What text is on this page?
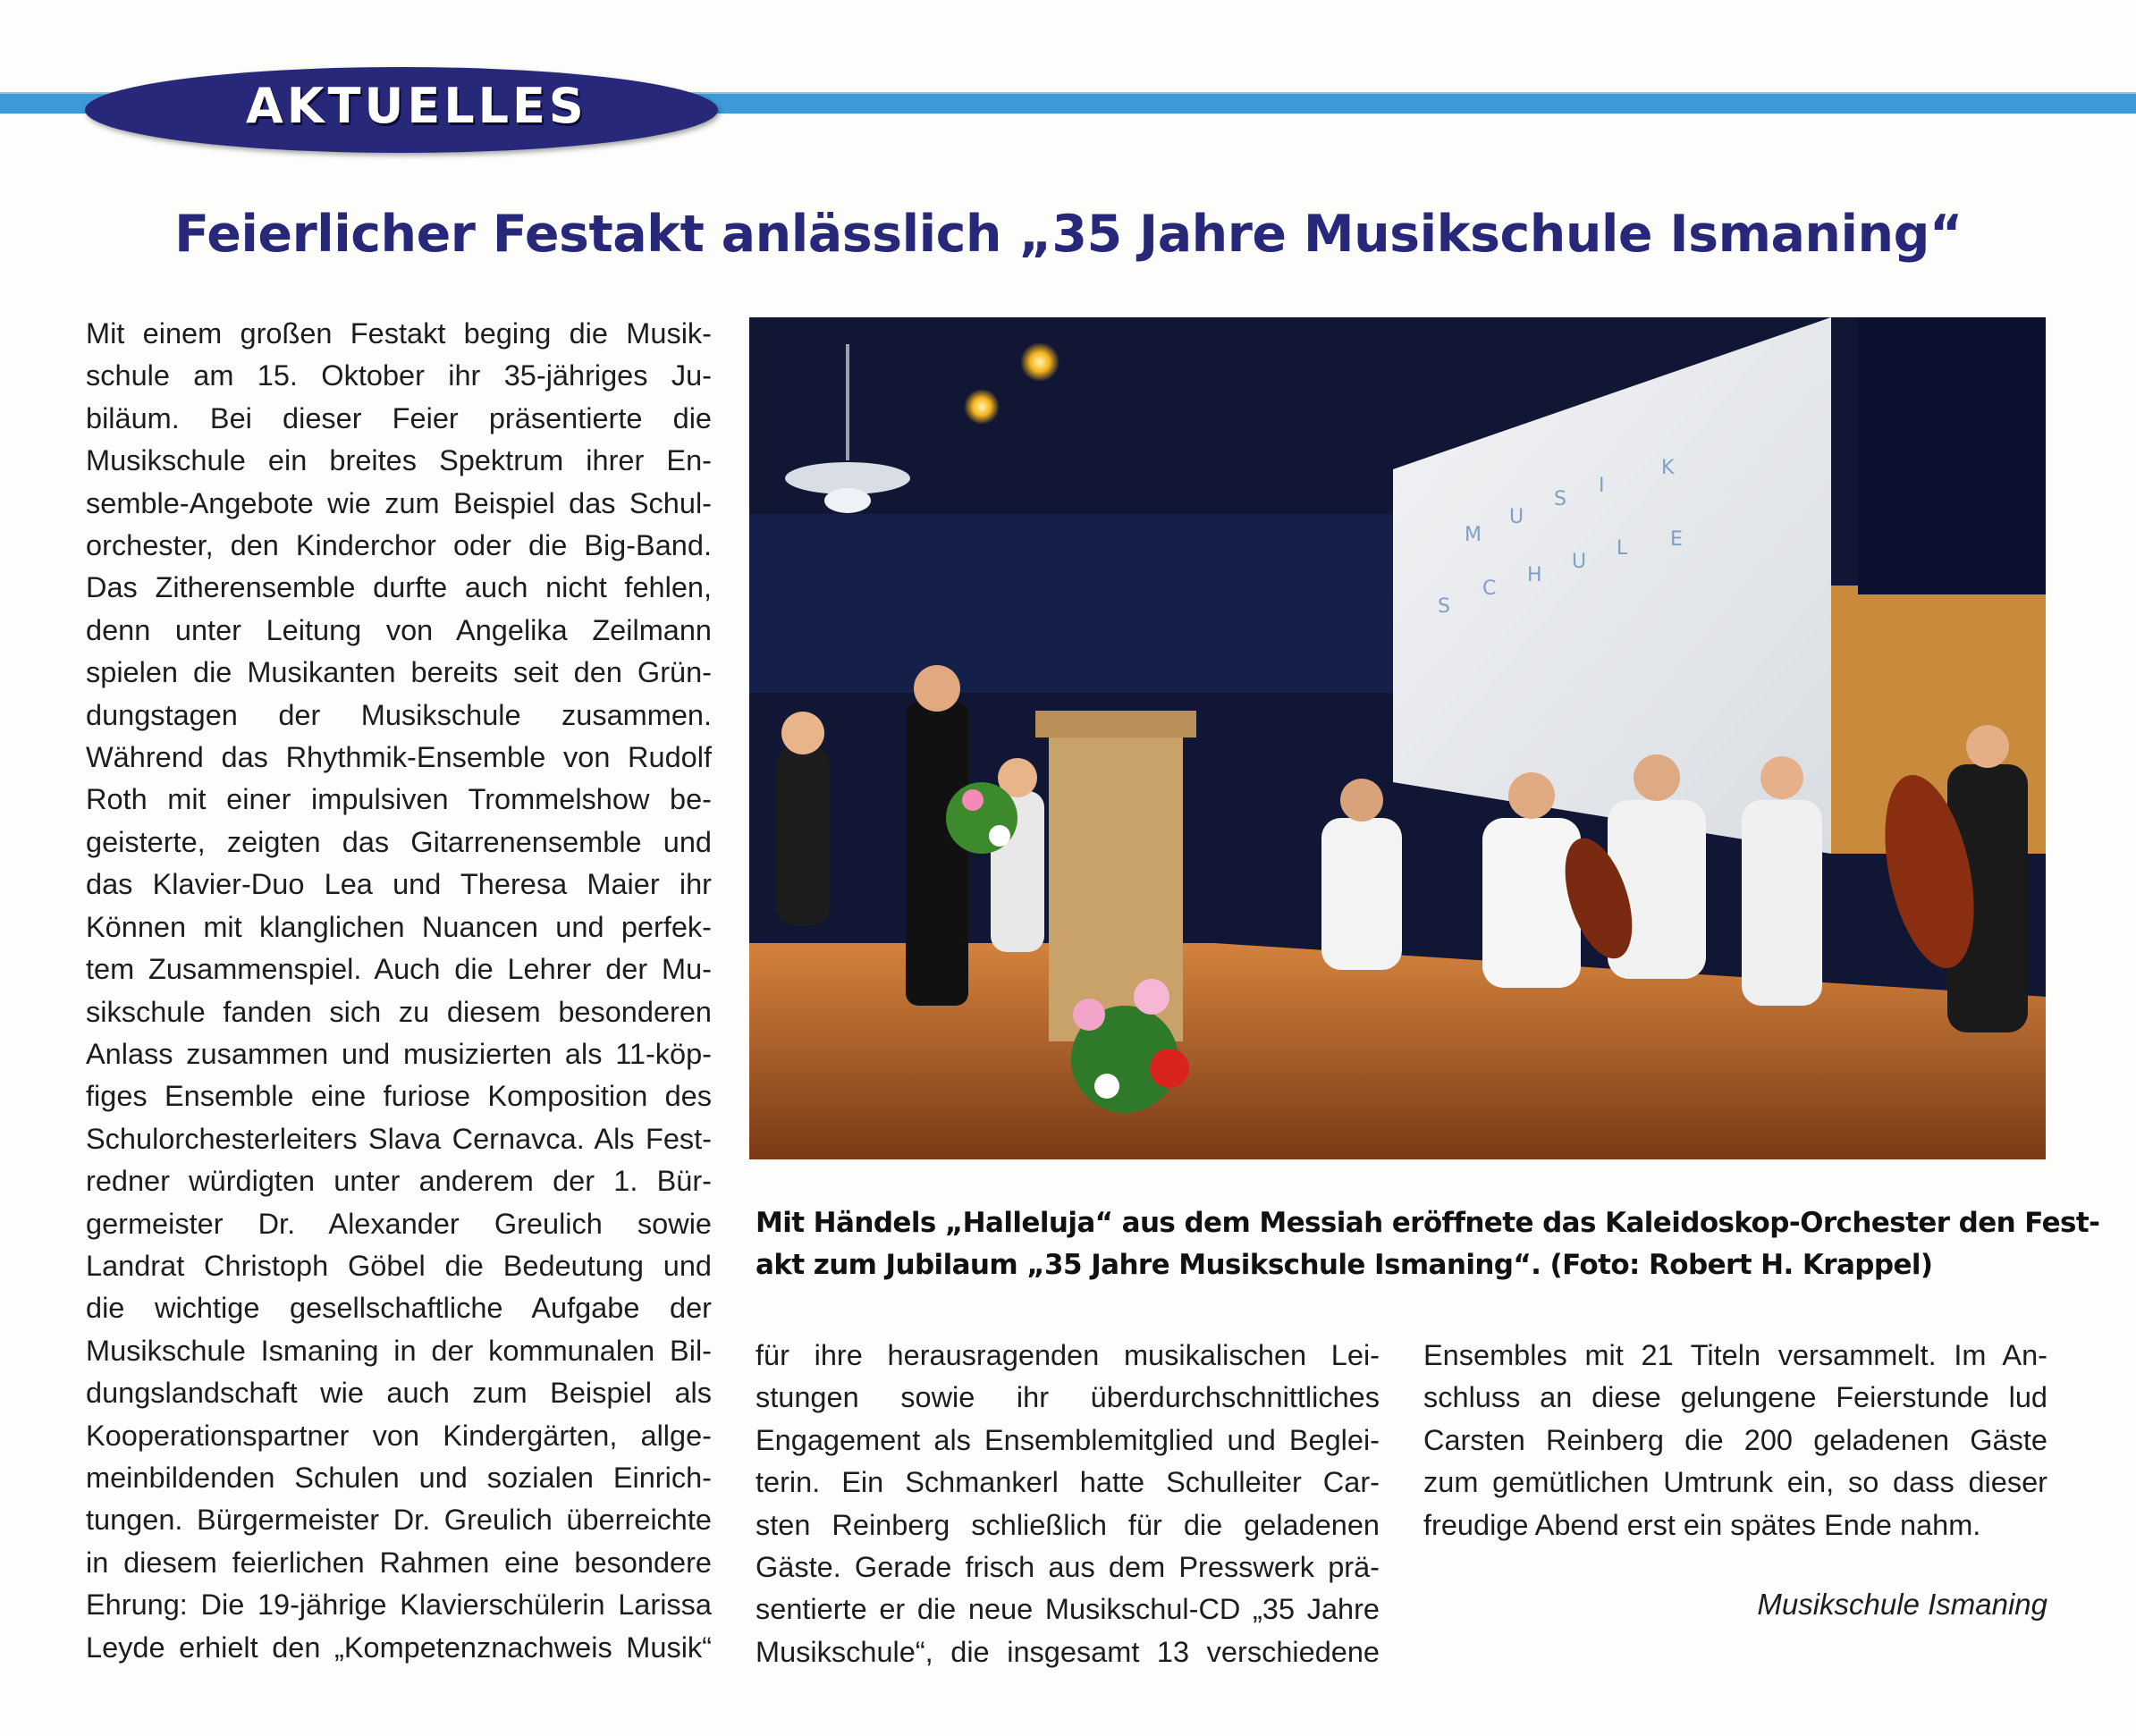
AKTUELLES
Feierlicher Festakt anlässlich „35 Jahre Musikschule Ismaning“

Mit einem großen Festakt beging die Musik-

schule am 15. Oktober ihr 35-jähriges Ju-

biläum. Bei dieser Feier präsentierte die

Musikschule ein breites Spektrum ihrer En-

semble-Angebote wie zum Beispiel das Schul-

orchester, den Kinderchor oder die Big-Band.

Das Zitherensemble durfte auch nicht fehlen,

denn unter Leitung von Angelika Zeilmann

spielen die Musikanten bereits seit den Grün-

dungstagen der Musikschule zusammen.

Während das Rhythmik-Ensemble von Rudolf

Roth mit einer impulsiven Trommelshow be-

geisterte, zeigten das Gitarrenensemble und

das Klavier-Duo Lea und Theresa Maier ihr

Können mit klanglichen Nuancen und perfek-

tem Zusammenspiel. Auch die Lehrer der Mu-

sikschule fanden sich zu diesem besonderen

Anlass zusammen und musizierten als 11-köp-

figes Ensemble eine furiose Komposition des

Schulorchesterleiters Slava Cernavca. Als Fest-

redner würdigten unter anderem der 1. Bür-

germeister Dr. Alexander Greulich sowie

Landrat Christoph Göbel die Bedeutung und

die wichtige gesellschaftliche Aufgabe der

Musikschule Ismaning in der kommunalen Bil-

dungslandschaft wie auch zum Beispiel als

Kooperationspartner von Kindergärten, allge-

meinbildenden Schulen und sozialen Einrich-

tungen. Bürgermeister Dr. Greulich überreichte

in diesem feierlichen Rahmen eine besondere

Ehrung: Die 19-jährige Klavierschülerin Larissa

Leyde erhielt den „Kompetenznachweis Musik“

M
U
S
I
K
S
C
H
U
L E

Mit Händels „Halleluja“ aus dem Messiah eröffnete das Kaleidoskop-Orchester den Fest-

akt zum Jubilaum „35 Jahre Musikschule Ismaning“. (Foto: Robert H. Krappel)

für ihre herausragenden musikalischen Lei-

stungen sowie ihr überdurchschnittliches

Engagement als Ensemblemitglied und Beglei-

terin. Ein Schmankerl hatte Schulleiter Car-

sten Reinberg schließlich für die geladenen

Gäste. Gerade frisch aus dem Presswerk prä-

sentierte er die neue Musikschul-CD „35 Jahre

Musikschule“, die insgesamt 13 verschiedene

Ensembles mit 21 Titeln versammelt. Im An-

schluss an diese gelungene Feierstunde lud

Carsten Reinberg die 200 geladenen Gäste

zum gemütlichen Umtrunk ein, so dass dieser

freudige Abend erst ein spätes Ende nahm.

Musikschule Ismaning
